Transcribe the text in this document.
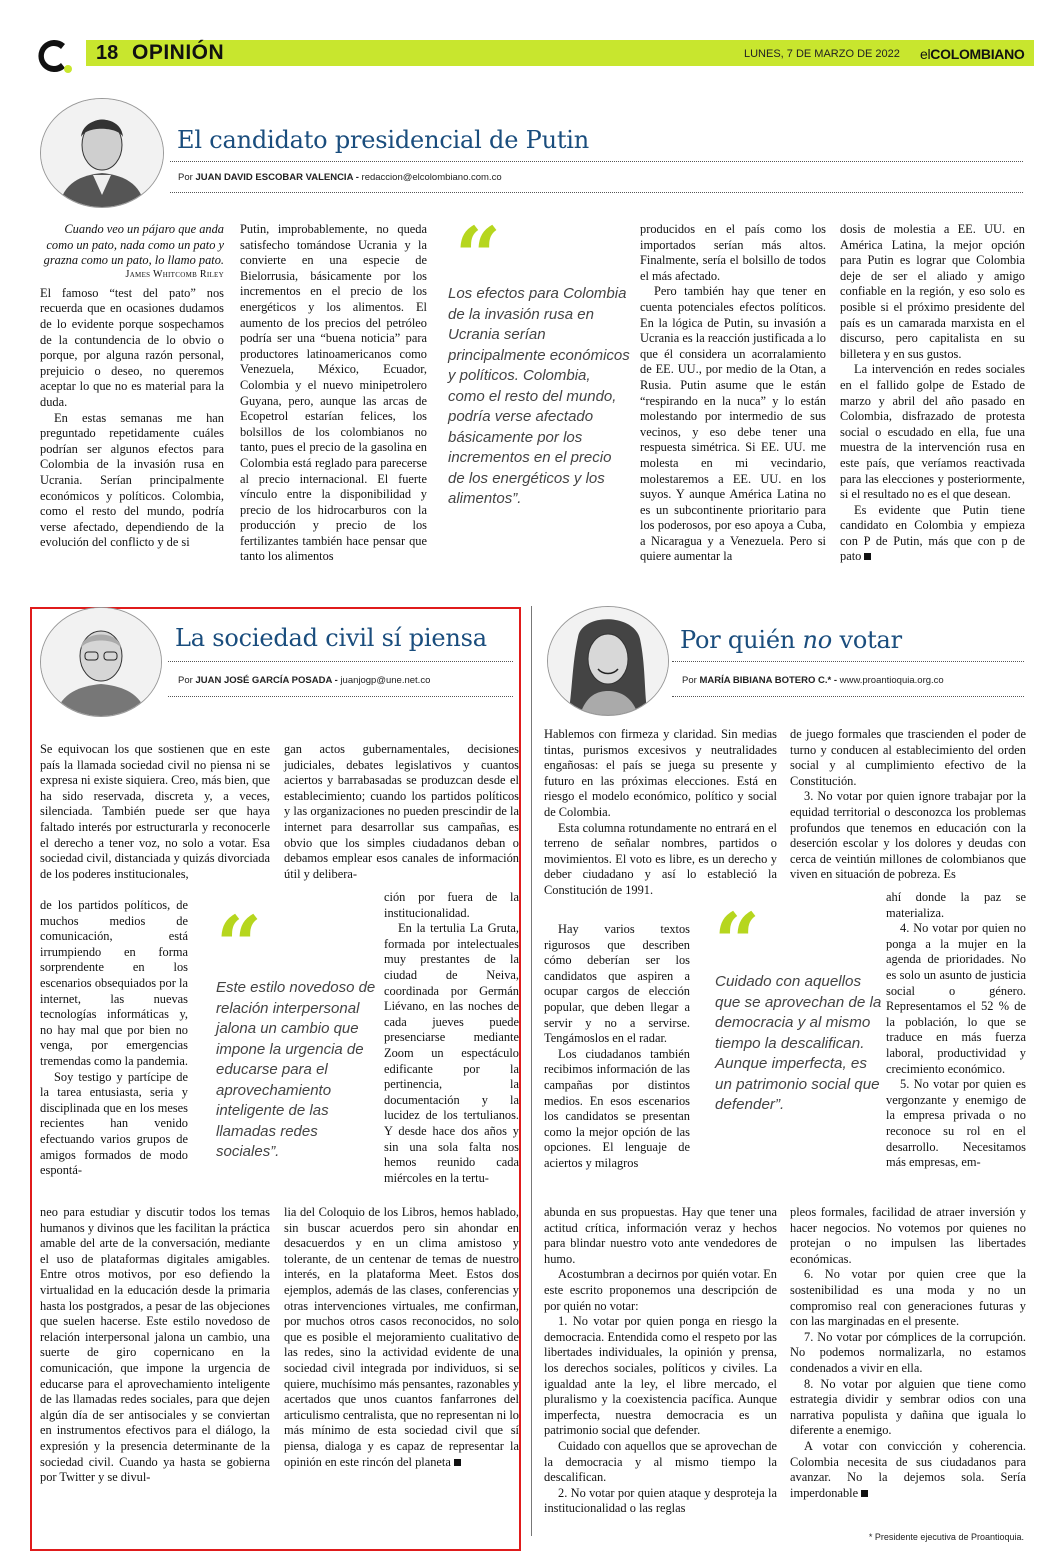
18 OPINIÓN	LUNES, 7 DE MARZO DE 2022 elCOLOMBIANO
El candidato presidencial de Putin
Por JUAN DAVID ESCOBAR VALENCIA - redaccion@elcolombiano.com.co
Cuando veo un pájaro que anda como un pato, nada como un pato y grazna como un pato, lo llamo pato.
James Whitcomb Riley

El famoso “test del pato” nos recuerda que en ocasiones dudamos de lo evidente porque sospechamos de la contundencia de lo obvio o porque, por alguna razón personal, prejuicio o deseo, no queremos aceptar lo que no es material para la duda.

En estas semanas me han preguntado repetidamente cuáles podrían ser algunos efectos para Colombia de la invasión rusa en Ucrania. Serían principalmente económicos y políticos. Colombia, como el resto del mundo, podría verse afectado, dependiendo de la evolución del conflicto y de si

Putin, improbablemente, no queda satisfecho tomándose Ucrania y la convierte en una especie de Bielorrusia, básicamente por los incrementos en el precio de los energéticos y los alimentos. El aumento de los precios del petróleo podría ser una “buena noticia” para productores latinoamericanos como Venezuela, México, Ecuador, Colombia y el nuevo minipetrolero Guyana, pero, aunque las arcas de Ecopetrol estarían felices, los bolsillos de los colombianos no tanto, pues el precio de la gasolina en Colombia está reglado para parecerse al precio internacional. El fuerte vínculo entre la disponibilidad y precio de los hidrocarburos con la producción y precio de los fertilizantes también hace pensar que tanto los alimentos

“
Los efectos para Colombia de la invasión rusa en Ucrania serían principalmente económicos y políticos. Colombia, como el resto del mundo, podría verse afectado básicamente por los incrementos en el precio de los energéticos y los alimentos”.

producidos en el país como los importados serían más altos. Finalmente, sería el bolsillo de todos el más afectado.

Pero también hay que tener en cuenta potenciales efectos políticos. En la lógica de Putin, su invasión a Ucrania es la reacción justificada a lo que él considera un acorralamiento de EE. UU., por medio de la Otan, a Rusia. Putin asume que le están “respirando en la nuca” y lo están molestando por intermedio de sus vecinos, y eso debe tener una respuesta simétrica. Si EE. UU. me molesta en mi vecindario, molestaremos a EE. UU. en los suyos. Y aunque América Latina no es un subcontinente prioritario para los poderosos, por eso apoya a Cuba, a Nicaragua y a Venezuela. Pero si quiere aumentar la

dosis de molestia a EE. UU. en América Latina, la mejor opción para Putin es lograr que Colombia deje de ser el aliado y amigo confiable en la región, y eso solo es posible si el próximo presidente del país es un camarada marxista en el discurso, pero capitalista en su billetera y en sus gustos.

La intervención en redes sociales en el fallido golpe de Estado de marzo y abril del año pasado en Colombia, disfrazado de protesta social o escudado en ella, fue una muestra de la intervención rusa en este país, que veríamos reactivada para las elecciones y posteriormente, si el resultado no es el que desean.

Es evidente que Putin tiene candidato en Colombia y empieza con P de Putin, más que con p de pato

La sociedad civil sí piensa
Por JUAN JOSÉ GARCÍA POSADA - juanjogp@une.net.co

Se equivocan los que sostienen que en este país la llamada sociedad civil no piensa ni se expresa ni existe siquiera. Creo, más bien, que ha sido reservada, discreta y, a veces, silenciada. También puede ser que haya faltado interés por estructurarla y reconocerle el derecho a tener voz, no solo a votar. Esa sociedad civil, distanciada y quizás divorciada de los poderes institucionales,

de los partidos políticos, de muchos medios de comunicación, está irrumpiendo en forma sorprendente en los escenarios obsequiados por la internet, las nuevas tecnologías informáticas y, no hay mal que por bien no venga, por emergencias tremendas como la pandemia.

Soy testigo y partícipe de la tarea entusiasta, seria y disciplinada que en los meses recientes han venido efectuando varios grupos de amigos formados de modo espontá-

neo para estudiar y discutir todos los temas humanos y divinos que les facilitan la práctica amable del arte de la conversación, mediante el uso de plataformas digitales amigables. Entre otros motivos, por eso defiendo la virtualidad en la educación desde la primaria hasta los postgrados, a pesar de las objeciones que suelen hacerse. Este estilo novedoso de relación interpersonal jalona un cambio, una suerte de giro copernicano en la comunicación, que impone la urgencia de educarse para el aprovechamiento inteligente de las llamadas redes sociales, para que dejen algún día de ser antisociales y se conviertan en instrumentos efectivos para el diálogo, la expresión y la presencia determinante de la sociedad civil. Cuando ya hasta se gobierna por Twitter y se divul-

gan actos gubernamentales, decisiones judiciales, debates legislativos y cuantos aciertos y barrabasadas se produzcan desde el establecimiento; cuando los partidos políticos y las organizaciones no pueden prescindir de la internet para desarrollar sus campañas, es obvio que los simples ciudadanos deban o debamos emplear esos canales de información útil y delibera-

ción por fuera de la institucionalidad.

En la tertulia La Gruta, formada por intelectuales muy prestantes de la ciudad de Neiva, coordinada por Germán Liévano, en las noches de cada jueves puede presenciarse mediante Zoom un espectáculo edificante por la pertinencia, la documentación y la lucidez de los tertulianos. Y desde hace dos años y sin una sola falta nos hemos reunido cada miércoles en la tertu-

lia del Coloquio de los Libros, hemos hablado, sin buscar acuerdos pero sin ahondar en desacuerdos y en un clima amistoso y tolerante, de un centenar de temas de nuestro interés, en la plataforma Meet. Estos dos ejemplos, además de las clases, conferencias y otras intervenciones virtuales, me confirman, por muchos otros casos reconocidos, no solo que es posible el mejoramiento cualitativo de las redes, sino la actividad evidente de una sociedad civil integrada por individuos, si se quiere, muchísimo más pensantes, razonables y acertados que unos cuantos fanfarrones del articulismo centralista, que no representan ni lo más mínimo de esta sociedad civil que sí piensa, dialoga y es capaz de representar la opinión en este rincón del planeta

“
Este estilo novedoso de relación interpersonal jalona un cambio que impone la urgencia de educarse para el aprovechamiento inteligente de las llamadas redes sociales”.
Por quién no votar
Por MARÍA BIBIANA BOTERO C.* - www.proantioquia.org.co

Hablemos con firmeza y claridad. Sin medias tintas, purismos excesivos y neutralidades engañosas: el país se juega su presente y futuro en las próximas elecciones. Está en riesgo el modelo económico, político y social de Colombia.

Esta columna rotundamente no entrará en el terreno de señalar nombres, partidos o movimientos. El voto es libre, es un derecho y deber ciudadano y así lo estableció la Constitución de 1991.

Hay varios textos rigurosos que describen cómo deberían ser los candidatos que aspiren a ocupar cargos de elección popular, que deben llegar a servir y no a servirse. Tengámoslos en el radar.

Los ciudadanos también recibimos información de las campañas por distintos medios. En esos escenarios los candidatos se presentan como la mejor opción de las opciones. El lenguaje de aciertos y milagros

abunda en sus propuestas. Hay que tener una actitud crítica, información veraz y hechos para blindar nuestro voto ante vendedores de humo.

Acostumbran a decirnos por quién votar. En este escrito proponemos una descripción de por quién no votar:

1. No votar por quien ponga en riesgo la democracia. Entendida como el respeto por las libertades individuales, la opinión y prensa, los derechos sociales, políticos y civiles. La igualdad ante la ley, el libre mercado, el pluralismo y la coexistencia pacífica. Aunque imperfecta, nuestra democracia es un patrimonio social que defender.

Cuidado con aquellos que se aprovechan de la democracia y al mismo tiempo la descalifican.

2. No votar por quien ataque y desproteja la institucionalidad o las reglas

de juego formales que trascienden el poder de turno y conducen al establecimiento del orden social y al cumplimiento efectivo de la Constitución.

3. No votar por quien ignore trabajar por la equidad territorial o desconozca los problemas profundos que tenemos en educación con la deserción escolar y los dolores y deudas con cerca de veintiún millones de colombianos que viven en situación de pobreza. Es

ahí donde la paz se materializa.

4. No votar por quien no ponga a la mujer en la agenda de prioridades. No es solo un asunto de justicia social o género. Representamos el 52 % de la población, lo que se traduce en más fuerza laboral, productividad y crecimiento económico.

5. No votar por quien es vergonzante y enemigo de la empresa privada o no reconoce su rol en el desarrollo. Necesitamos más empresas, em-

pleos formales, facilidad de atraer inversión y hacer negocios. No votemos por quienes no protejan o no impulsen las libertades económicas.

6. No votar por quien cree que la sostenibilidad es una moda y no un compromiso real con generaciones futuras y con las marginadas en el presente.

7. No votar por cómplices de la corrupción. No podemos normalizarla, no estamos condenados a vivir en ella.

8. No votar por alguien que tiene como estrategia dividir y sembrar odios con una narrativa populista y dañina que iguala lo diferente a enemigo.

A votar con convicción y coherencia. Colombia necesita de sus ciudadanos para avanzar. No la dejemos sola. Sería imperdonable

“
Cuidado con aquellos que se aprovechan de la democracia y al mismo tiempo la descalifican. Aunque imperfecta, es un patrimonio social que defender”.
* Presidente ejecutiva de Proantioquia.
